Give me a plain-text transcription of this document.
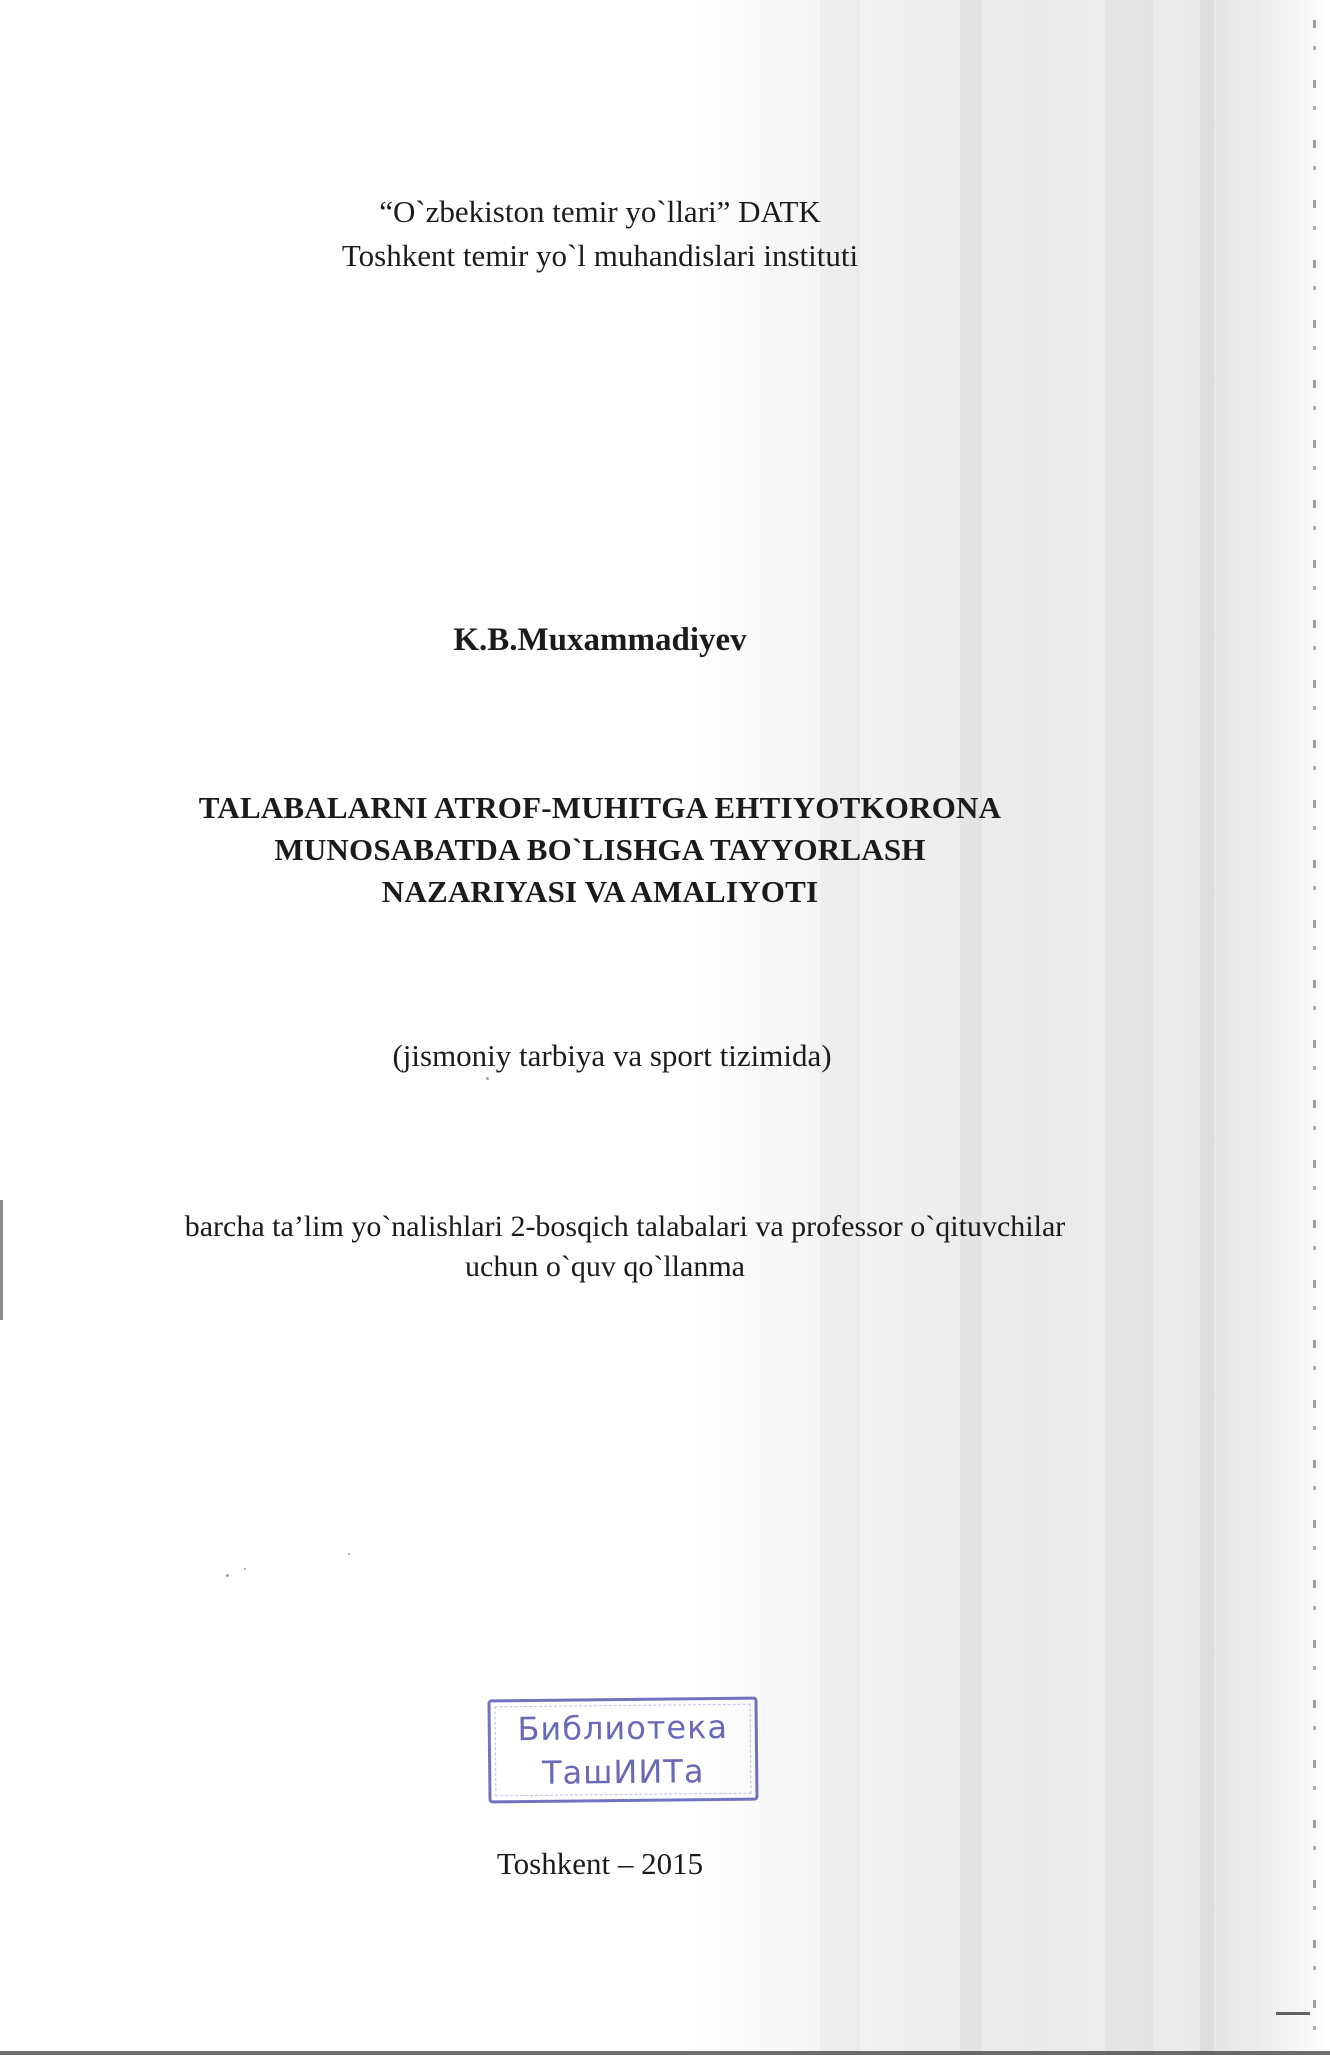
“O`zbekiston temir yo`llari” DATK
Toshkent temir yo`l muhandislari instituti
K.B.Muxammadiyev
TALABALARNI ATROF-MUHITGA EHTIYOTKORONA
MUNOSABATDA BO`LISHGA TAYYORLASH
NAZARIYASI VA AMALIYOTI
(jismoniy tarbiya va sport tizimida)
barcha ta’lim yo`nalishlari 2-bosqich talabalari va professor o`qituvchilar
uchun o`quv qo`llanma
Библиотека
ТашИИТа
Toshkent – 2015
